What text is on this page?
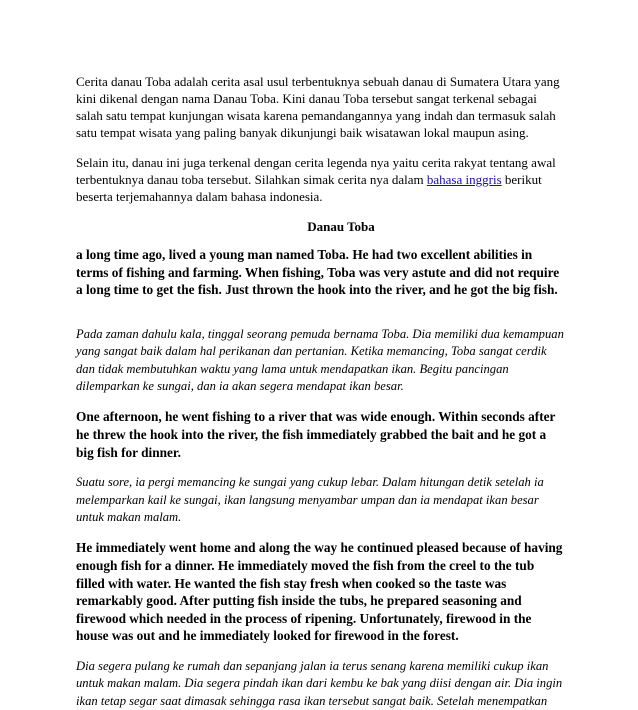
Cerita danau Toba adalah cerita asal usul terbentuknya sebuah danau di Sumatera Utara yang kini dikenal dengan nama Danau Toba. Kini danau Toba tersebut sangat terkenal sebagai salah satu tempat kunjungan wisata karena pemandangannya yang indah dan termasuk salah satu tempat wisata yang paling banyak dikunjungi baik wisatawan lokal maupun asing.

Selain itu, danau ini juga terkenal dengan cerita legenda nya yaitu cerita rakyat tentang awal terbentuknya danau toba tersebut. Silahkan simak cerita nya dalam bahasa inggris berikut beserta terjemahannya dalam bahasa indonesia.

Danau Toba

a long time ago, lived a young man named Toba. He had two excellent abilities in terms of fishing and farming. When fishing, Toba was very astute and did not require a long time to get the fish. Just thrown the hook into the river, and he got the big fish.

Pada zaman dahulu kala, tinggal seorang pemuda bernama Toba. Dia memiliki dua kemampuan yang sangat baik dalam hal perikanan dan pertanian. Ketika memancing, Toba sangat cerdik dan tidak membutuhkan waktu yang lama untuk mendapatkan ikan. Begitu pancingan dilemparkan ke sungai, dan ia akan segera mendapat ikan besar.

One afternoon, he went fishing to a river that was wide enough. Within seconds after he threw the hook into the river, the fish immediately grabbed the bait and he got a big fish for dinner.

Suatu sore, ia pergi memancing ke sungai yang cukup lebar. Dalam hitungan detik setelah ia melemparkan kail ke sungai, ikan langsung menyambar umpan dan ia mendapat ikan besar untuk makan malam.

He immediately went home and along the way he continued pleased because of having enough fish for a dinner. He immediately moved the fish from the creel to the tub filled with water. He wanted the fish stay fresh when cooked so the taste was remarkably good. After putting fish inside the tubs, he prepared seasoning and firewood which needed in the process of ripening. Unfortunately, firewood in the house was out and he immediately looked for firewood in the forest.

Dia segera pulang ke rumah dan sepanjang jalan ia terus senang karena memiliki cukup ikan untuk makan malam. Dia segera pindah ikan dari kembu ke bak yang diisi dengan air. Dia ingin ikan tetap segar saat dimasak sehingga rasa ikan tersebut sangat baik. Setelah menempatkan
